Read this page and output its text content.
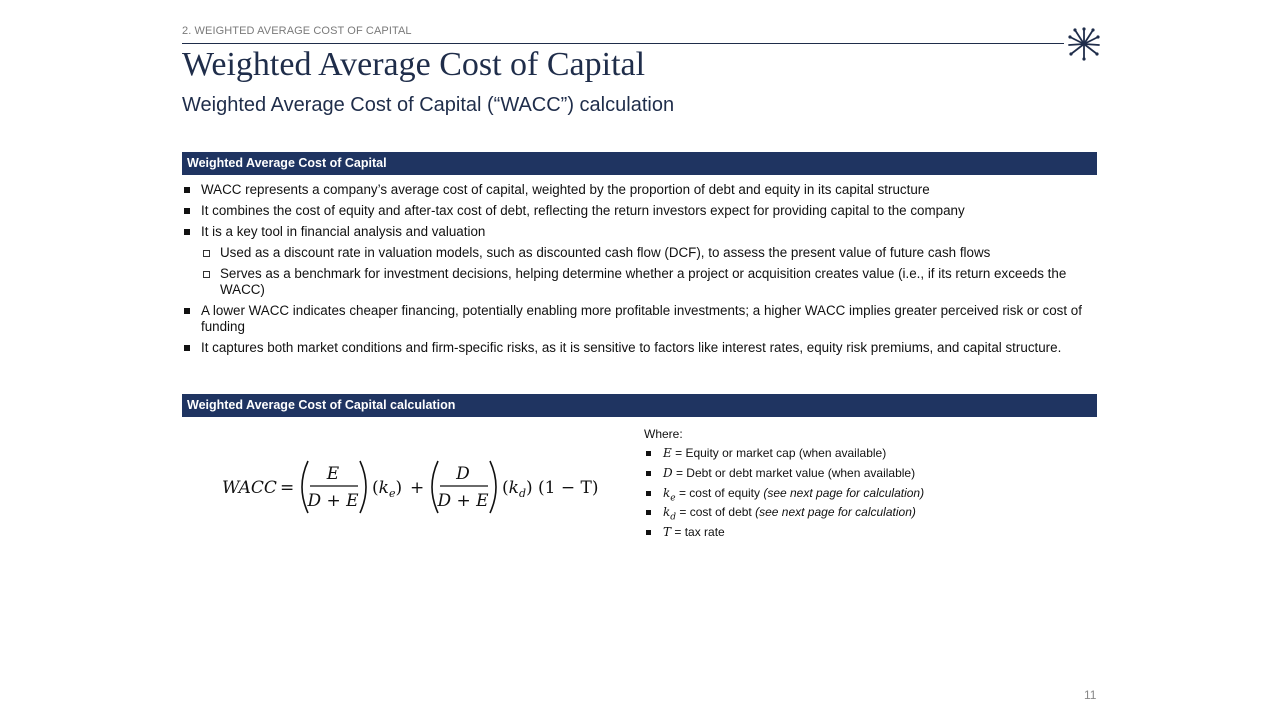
2. WEIGHTED AVERAGE COST OF CAPITAL
Weighted Average Cost of Capital
Weighted Average Cost of Capital (“WACC”) calculation
Weighted Average Cost of Capital
WACC represents a company’s average cost of capital, weighted by the proportion of debt and equity in its capital structure
It combines the cost of equity and after-tax cost of debt, reflecting the return investors expect for providing capital to the company
It is a key tool in financial analysis and valuation
Used as a discount rate in valuation models, such as discounted cash flow (DCF), to assess the present value of future cash flows
Serves as a benchmark for investment decisions, helping determine whether a project or acquisition creates value (i.e., if its return exceeds the WACC)
A lower WACC indicates cheaper financing, potentially enabling more profitable investments; a higher WACC implies greater perceived risk or cost of funding
It captures both market conditions and firm-specific risks, as it is sensitive to factors like interest rates, equity risk premiums, and capital structure.
Weighted Average Cost of Capital calculation
WACC =
E
D + E
$(k_e)$ +
D
D + E
$(k_d) (1 - T)$
Where:
E = Equity or market cap (when available)
D = Debt or debt market value (when available)
$k_e = \cos t$ of equity (see next page for calculation)
$k_d = \cos t$ of debt (see next page for calculation)
T = tax rate
11
